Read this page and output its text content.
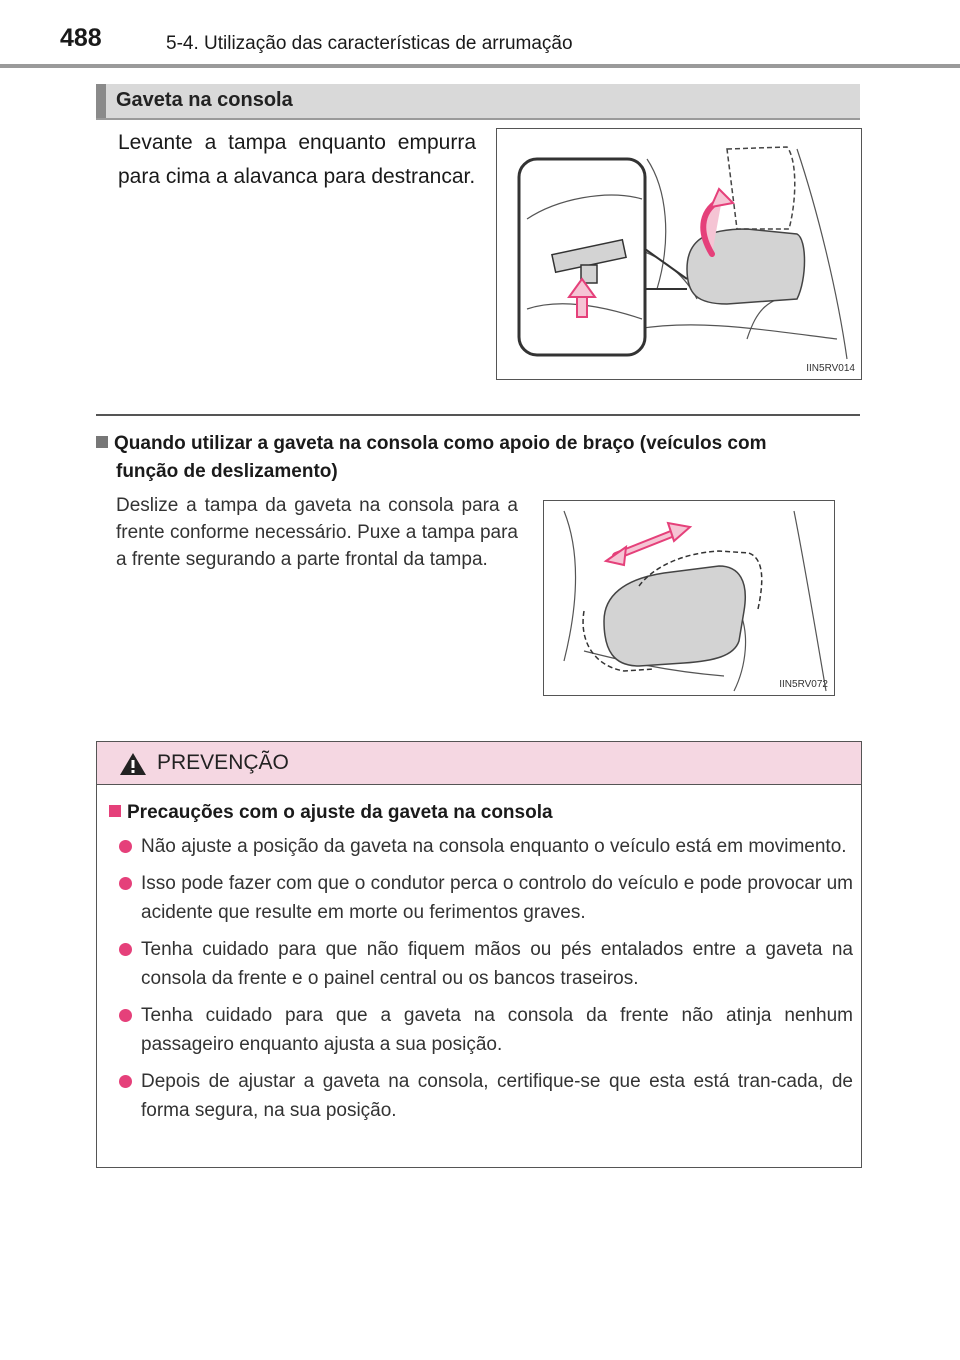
488	5-4. Utilização das características de arrumação
Gaveta na consola
Levante a tampa enquanto empurra para cima a alavanca para destrancar.
IIN5RV014
Quando utilizar a gaveta na consola como apoio de braço (veículos com
função de deslizamento)
Deslize a tampa da gaveta na consola para a frente conforme necessário. Puxe a tampa para a frente segurando a parte frontal da tampa.
IIN5RV072
PREVENÇÃO
Precauções com o ajuste da gaveta na consola
Não ajuste a posição da gaveta na consola enquanto o veículo está em movimento.
Isso pode fazer com que o condutor perca o controlo do veículo e pode provocar um acidente que resulte em morte ou ferimentos graves.
Tenha cuidado para que não fiquem mãos ou pés entalados entre a gaveta na consola da frente e o painel central ou os bancos traseiros.
Tenha cuidado para que a gaveta na consola da frente não atinja nenhum passageiro enquanto ajusta a sua posição.
Depois de ajustar a gaveta na consola, certifique-se que esta está tran-cada, de forma segura, na sua posição.
